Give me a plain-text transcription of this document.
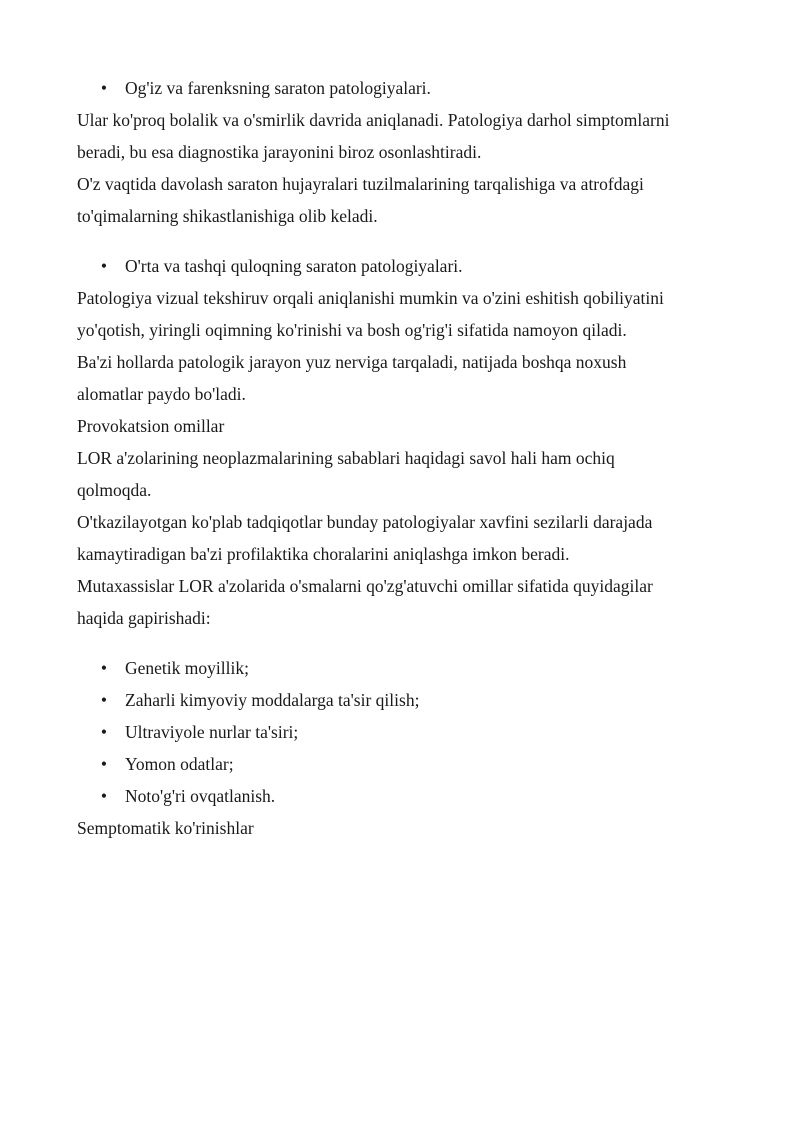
• Og'iz va farenksning saraton patologiyalari.
Ular ko'proq bolalik va o'smirlik davrida aniqlanadi. Patologiya darhol simptomlarni
beradi, bu esa diagnostika jarayonini biroz osonlashtiradi.
O'z vaqtida davolash saraton hujayralari tuzilmalarining tarqalishiga va atrofdagi
to'qimalarning shikastlanishiga olib keladi.
• O'rta va tashqi quloqning saraton patologiyalari.
Patologiya vizual tekshiruv orqali aniqlanishi mumkin va o'zini eshitish qobiliyatini
yo'qotish, yiringli oqimning ko'rinishi va bosh og'rig'i sifatida namoyon qiladi.
Ba'zi hollarda patologik jarayon yuz nerviga tarqaladi, natijada boshqa noxush
alomatlar paydo bo'ladi.
Provokatsion omillar
LOR a'zolarining neoplazmalarining sabablari haqidagi savol hali ham ochiq
qolmoqda.
O'tkazilayotgan ko'plab tadqiqotlar bunday patologiyalar xavfini sezilarli darajada
kamaytiradigan ba'zi profilaktika choralarini aniqlashga imkon beradi.
Mutaxassislar LOR a'zolarida o'smalarni qo'zg'atuvchi omillar sifatida quyidagilar
haqida gapirishadi:
• Genetik moyillik;
• Zaharli kimyoviy moddalarga ta'sir qilish;
• Ultraviyole nurlar ta'siri;
• Yomon odatlar;
• Noto'g'ri ovqatlanish.
Semptomatik ko'rinishlar
